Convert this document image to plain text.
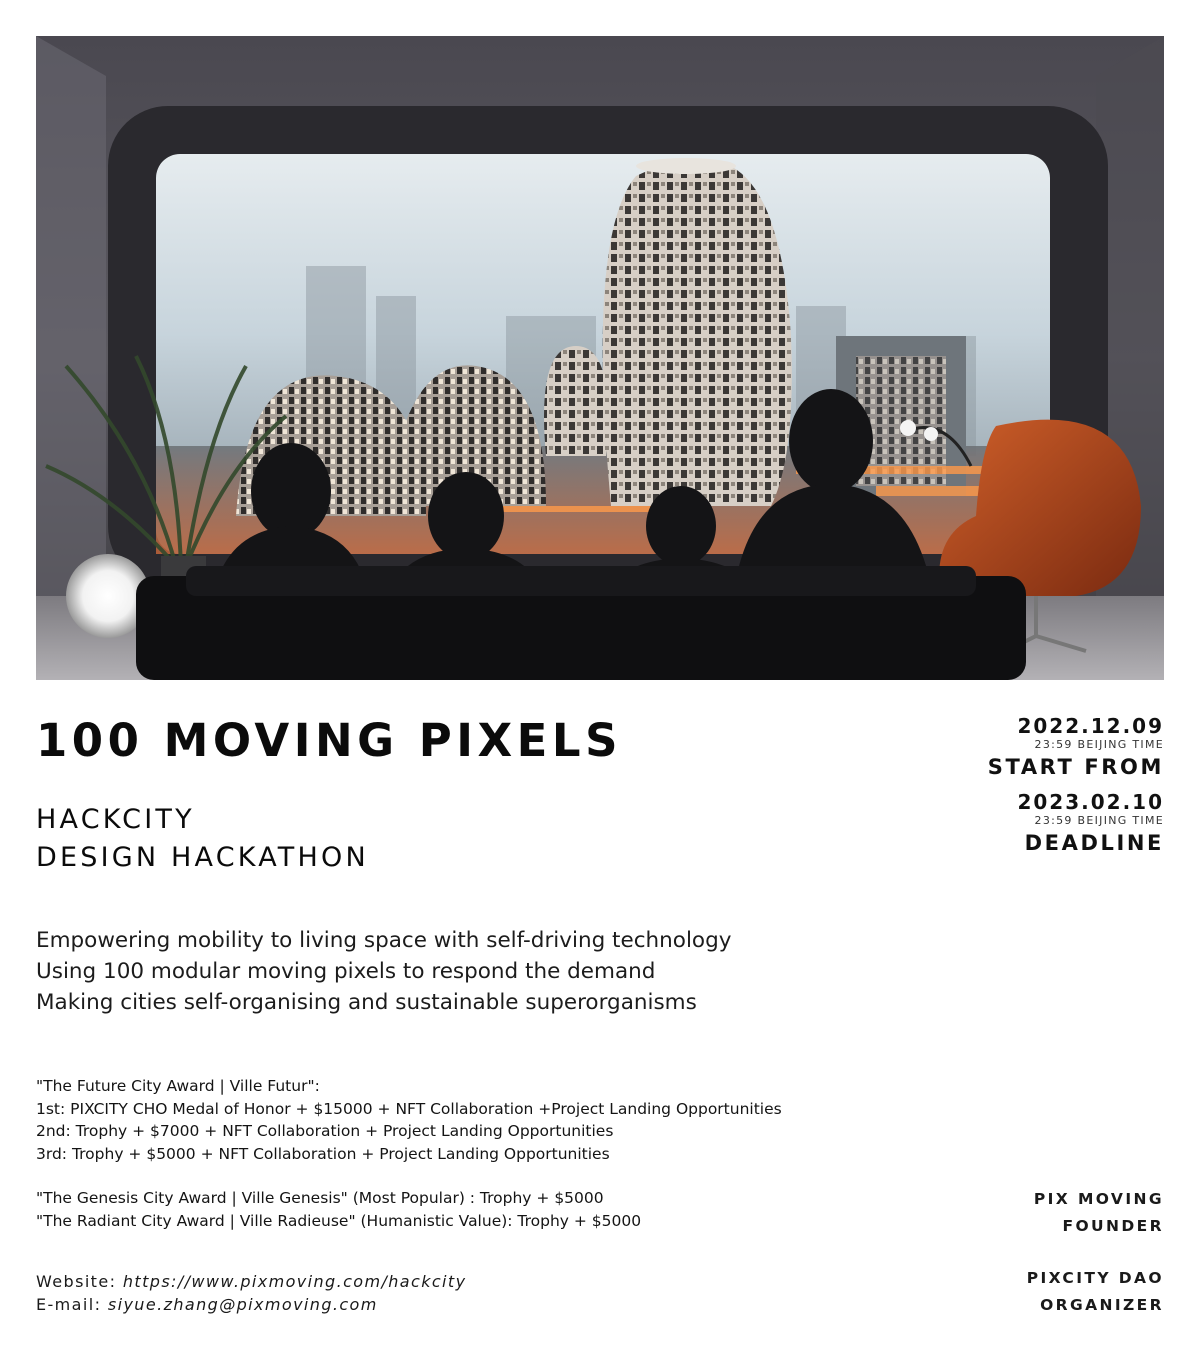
100 MOVING PIXELS
HACKCITY
DESIGN HACKATHON
2022.12.09
23:59 BEIJING TIME
START FROM
2023.02.10
23:59 BEIJING TIME
DEADLINE
Empowering mobility to living space with self-driving technology
Using 100 modular moving pixels to respond the demand
Making cities self-organising and sustainable superorganisms
"The Future City Award | Ville Futur":
1st: PIXCITY CHO Medal of Honor + $15000 + NFT Collaboration +Project Landing Opportunities
2nd: Trophy + $7000 + NFT Collaboration + Project Landing Opportunities
3rd: Trophy + $5000 + NFT Collaboration + Project Landing Opportunities
"The Genesis City Award | Ville Genesis" (Most Popular) : Trophy + $5000
"The Radiant City Award | Ville Radieuse" (Humanistic Value): Trophy + $5000
Website: https://www.pixmoving.com/hackcity
E-mail: siyue.zhang@pixmoving.com
PIX MOVING
FOUNDER
PIXCITY DAO
ORGANIZER
